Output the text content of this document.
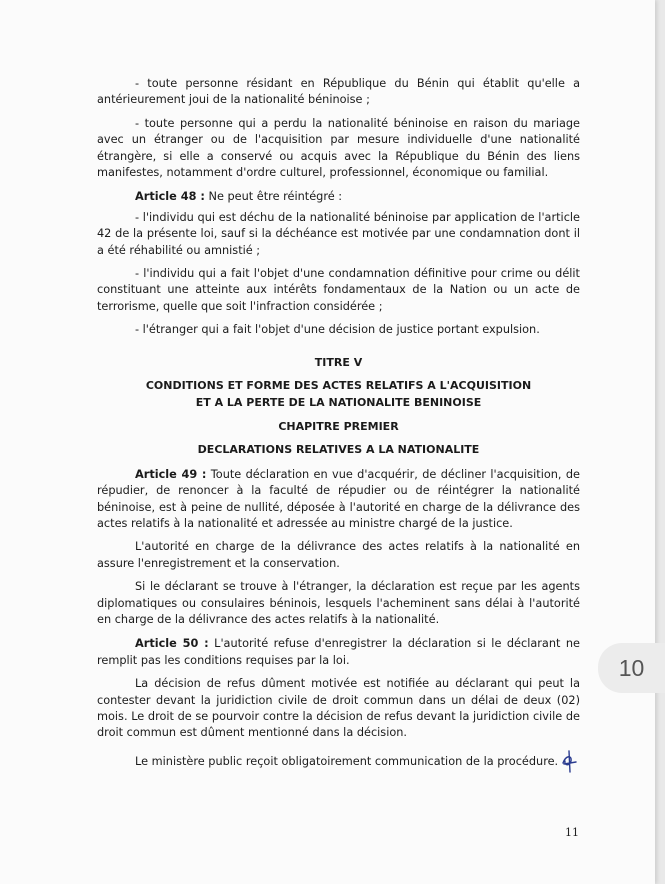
- toute personne résidant en République du Bénin qui établit qu'elle a antérieurement joui de la nationalité béninoise ;

- toute personne qui a perdu la nationalité béninoise en raison du mariage avec un étranger ou de l'acquisition par mesure individuelle d'une nationalité étrangère, si elle a conservé ou acquis avec la République du Bénin des liens manifestes, notamment d'ordre culturel, professionnel, économique ou familial.

Article 48 : Ne peut être réintégré :

- l'individu qui est déchu de la nationalité béninoise par application de l'article 42 de la présente loi, sauf si la déchéance est motivée par une condamnation dont il a été réhabilité ou amnistié ;

- l'individu qui a fait l'objet d'une condamnation définitive pour crime ou délit constituant une atteinte aux intérêts fondamentaux de la Nation ou un acte de terrorisme, quelle que soit l'infraction considérée ;

- l'étranger qui a fait l'objet d'une décision de justice portant expulsion.

TITRE V

CONDITIONS ET FORME DES ACTES RELATIFS A L'ACQUISITION

ET A LA PERTE DE LA NATIONALITE BENINOISE

CHAPITRE PREMIER

DECLARATIONS RELATIVES A LA NATIONALITE

Article 49 : Toute déclaration en vue d'acquérir, de décliner l'acquisition, de répudier, de renoncer à la faculté de répudier ou de réintégrer la nationalité béninoise, est à peine de nullité, déposée à l'autorité en charge de la délivrance des actes relatifs à la nationalité et adressée au ministre chargé de la justice.

L'autorité en charge de la délivrance des actes relatifs à la nationalité en assure l'enregistrement et la conservation.

Si le déclarant se trouve à l'étranger, la déclaration est reçue par les agents diplomatiques ou consulaires béninois, lesquels l'acheminent sans délai à l'autorité en charge de la délivrance des actes relatifs à la nationalité.

Article 50 : L'autorité refuse d'enregistrer la déclaration si le déclarant ne remplit pas les conditions requises par la loi.

La décision de refus dûment motivée est notifiée au déclarant qui peut la contester devant la juridiction civile de droit commun dans un délai de deux (02) mois. Le droit de se pourvoir contre la décision de refus devant la juridiction civile de droit commun est dûment mentionné dans la décision.

Le ministère public reçoit obligatoirement communication de la procédure.

11
10
